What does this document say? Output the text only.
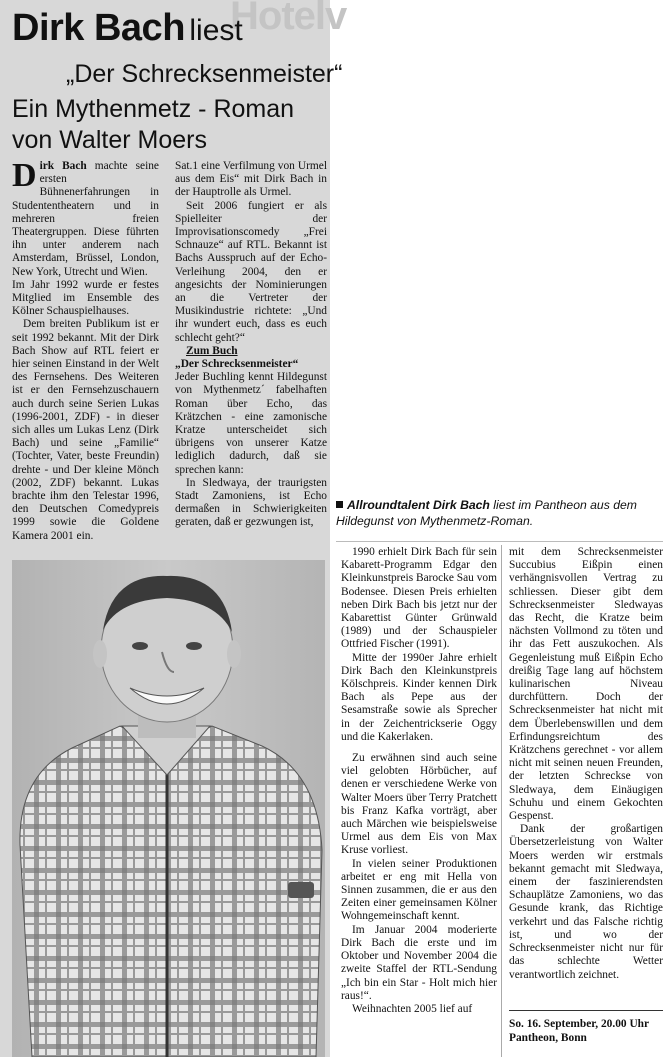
Hotelv
Dirk Bach liest
„Der Schrecksenmeister“
Ein Mythenmetz - Roman von Walter Moers

Dirk Bach machte seine ersten Bühnenerfahrungen in Studententheatern und in mehreren freien Theatergruppen. Diese führten ihn unter anderem nach Amsterdam, Brüssel, London, New York, Utrecht und Wien.

Im Jahr 1992 wurde er festes Mitglied im Ensemble des Kölner Schauspielhauses.

Dem breiten Publikum ist er seit 1992 bekannt. Mit der Dirk Bach Show auf RTL feiert er hier seinen Einstand in der Welt des Fernsehens. Des Weiteren ist er den Fernsehzuschauern auch durch seine Serien Lukas (1996-2001, ZDF) - in dieser sich alles um Lukas Lenz (Dirk Bach) und seine „Familie“ (Tochter, Vater, beste Freundin) drehte - und Der kleine Mönch (2002, ZDF) bekannt. Lukas brachte ihm den Telestar 1996, den Deutschen Comedypreis 1999 sowie die Goldene Kamera 2001 ein.

Sat.1 eine Verfilmung von Urmel aus dem Eis“ mit Dirk Bach in der Hauptrolle als Urmel.

Seit 2006 fungiert er als Spielleiter der Improvisationscomedy „Frei Schnauze“ auf RTL. Bekannt ist Bachs Ausspruch auf der Echo-Verleihung 2004, den er angesichts der Nominierungen an die Vertreter der Musikindustrie richtete: „Und ihr wundert euch, dass es euch schlecht geht?“

Zum Buch

„Der Schrecksenmeister“

Jeder Buchling kennt Hildegunst von Mythenmetz´ fabelhaften Roman über Echo, das Krätzchen - eine zamonische Kratze unterscheidet sich übrigens von unserer Katze lediglich dadurch, daß sie sprechen kann:

In Sledwaya, der traurigsten Stadt Zamoniens, ist Echo dermaßen in Schwierigkeiten geraten, daß er gezwungen ist,

Allroundtalent Dirk Bach liest im Pantheon aus dem Hildegunst von Mythenmetz-Roman.

1990 erhielt Dirk Bach für sein Kabarett-Programm Edgar den Kleinkunstpreis Barocke Sau vom Bodensee. Diesen Preis erhielten neben Dirk Bach bis jetzt nur der Kabarettist Günter Grünwald (1989) und der Schauspieler Ottfried Fischer (1991).

Mitte der 1990er Jahre erhielt Dirk Bach den Kleinkunstpreis Kölschpreis. Kinder kennen Dirk Bach als Pepe aus der Sesamstraße sowie als Sprecher in der Zeichentrickserie Oggy und die Kakerlaken.

Zu erwähnen sind auch seine viel gelobten Hörbücher, auf denen er verschiedene Werke von Walter Moers über Terry Pratchett bis Franz Kafka vorträgt, aber auch Märchen wie beispielsweise Urmel aus dem Eis von Max Kruse vorliest.

In vielen seiner Produktionen arbeitet er eng mit Hella von Sinnen zusammen, die er aus den Zeiten einer gemeinsamen Kölner Wohngemeinschaft kennt.

Im Januar 2004 moderierte Dirk Bach die erste und im Oktober und November 2004 die zweite Staffel der RTL-Sendung „Ich bin ein Star - Holt mich hier raus!“.

Weihnachten 2005 lief auf

mit dem Schrecksenmeister Succubius Eißpin einen verhängnisvollen Vertrag zu schliessen. Dieser gibt dem Schrecksenmeister Sledwayas das Recht, die Kratze beim nächsten Vollmond zu töten und ihr das Fett auszukochen. Als Gegenleistung muß Eißpin Echo dreißig Tage lang auf höchstem kulinarischen Niveau durchfüttern. Doch der Schrecksenmeister hat nicht mit dem Überlebenswillen und dem Erfindungsreichtum des Krätzchens gerechnet - vor allem nicht mit seinen neuen Freunden, der letzten Schreckse von Sledwaya, dem Einäugigen Schuhu und einem Gekochten Gespenst.

Dank der großartigen Übersetzerleistung von Walter Moers werden wir erstmals bekannt gemacht mit Sledwaya, einem der faszinierendsten Schauplätze Zamoniens, wo das Gesunde krank, das Richtige verkehrt und das Falsche richtig ist, und wo der Schrecksenmeister nicht nur für das schlechte Wetter verantwortlich zeichnet.

So. 16. September, 20.00 Uhr
Pantheon, Bonn
